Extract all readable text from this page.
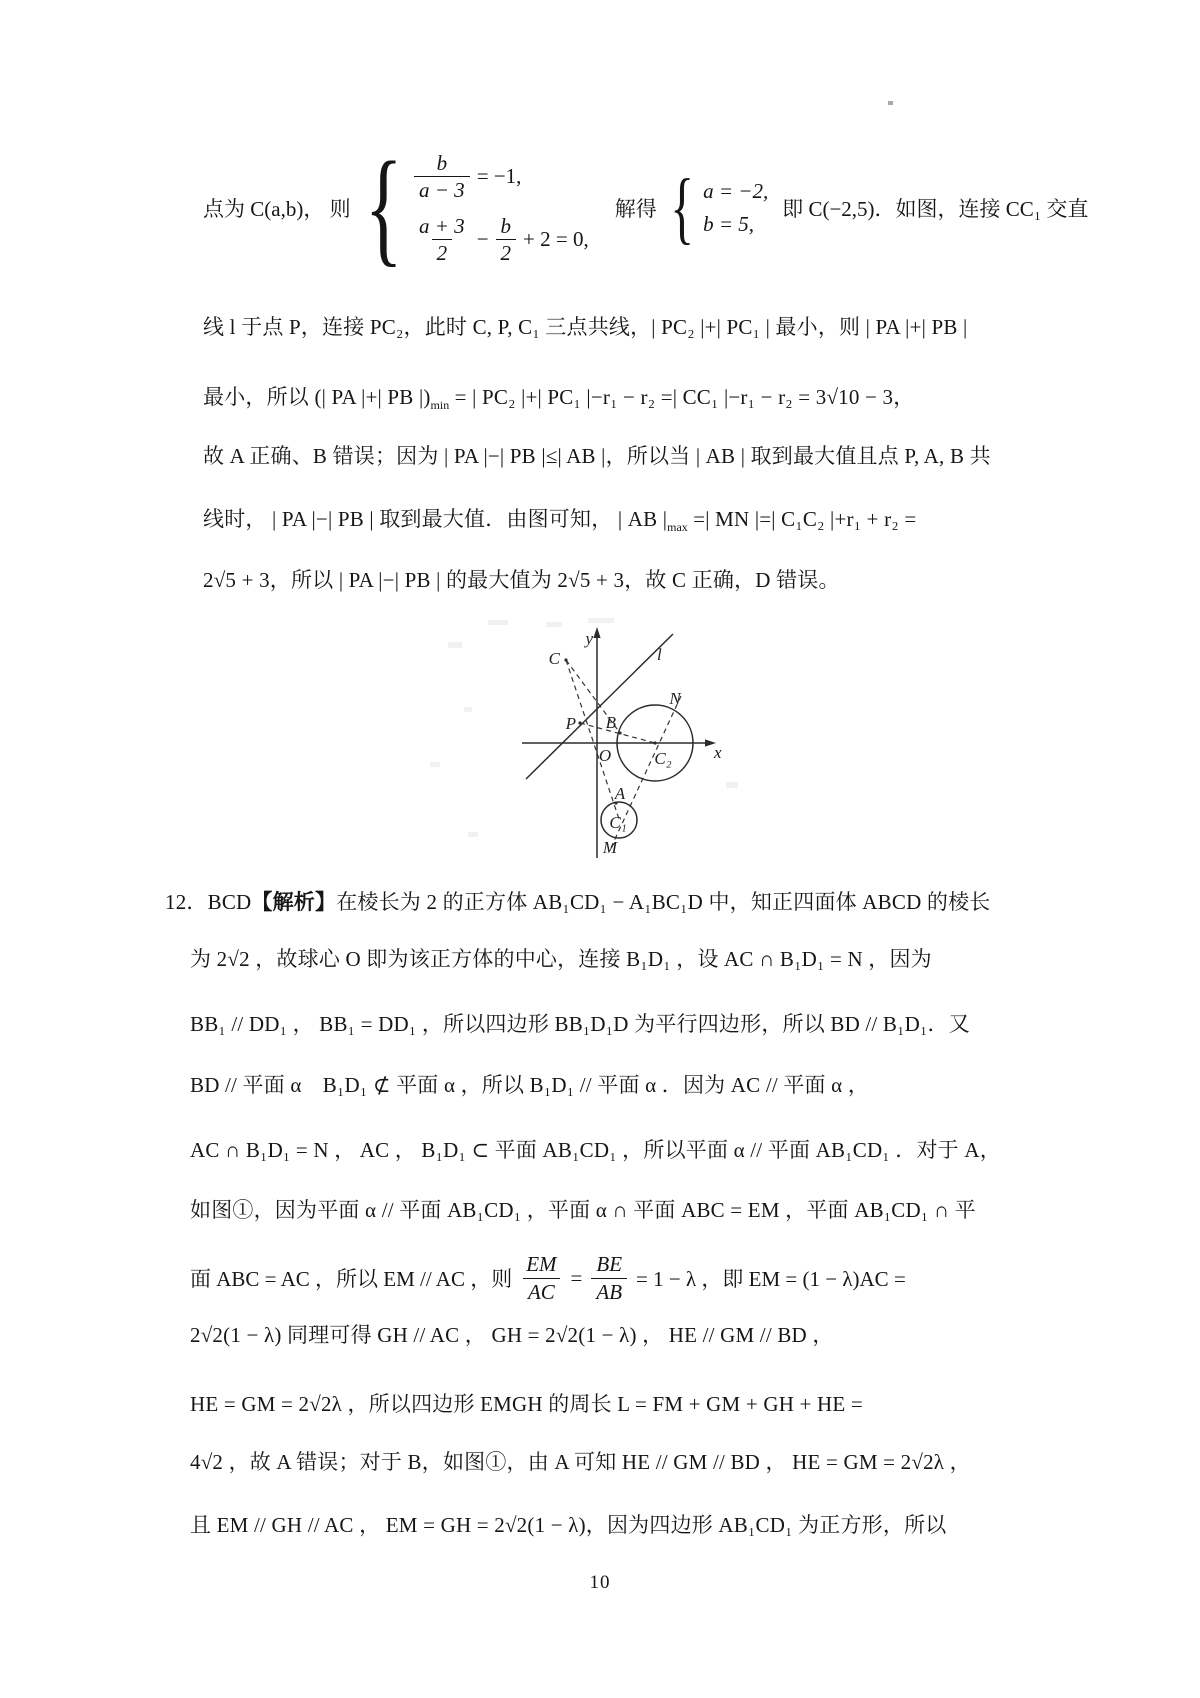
点为 C(a,b)， 则 { $\frac{b}{a - 3} = -1$,
$\frac{a + 3}{2} - \frac{b}{2} + 2 = 0$,
解得 { a = −2,
b = 5,
即 C(−2,5)．如图，连接 CC₁ 交直
线 l 于点 P，连接 PC₂，此时 C, P, C₁ 三点共线，| PC₂ |+| PC₁ | 最小，则 | PA |+| PB |
最小，所以 (| PA |+| PB $|)_{min}$ = | PC₂ |+| PC₁ |−r₁ − r₂ =| CC₁ |−r₁ − r₂ = 3√10 − 3，
故 A 正确、B 错误；因为 | PA |−| PB |≤| AB |，所以当 | AB | 取到最大值且点 P, A, B 共
线时， | PA |−| PB | 取到最大值．由图可知， | AB $|_{max}$ =| MN |=| C₁C₂ |+r₁ + r₂ =
2√5 + 3，所以 | PA |−| PB | 的最大值为 2√5 + 3，故 C 正确，D 错误。
y
x
l
C
P B
O
N
C₂
A
C₁
M
12．BCD【解析】在棱长为 2 的正方体 AB₁CD₁ − A₁BC₁D 中，知正四面体 ABCD 的棱长
为 2√2 ，故球心 O 即为该正方体的中心，连接 B₁D₁ ，设 AC ∩ B₁D₁ = N ，因为
BB₁ // DD₁ ， BB₁ = DD₁ ，所以四边形 BB₁D₁D 为平行四边形，所以 BD // B₁D₁．又
BD // 平面 α　B₁D₁ ⊄ 平面 α ，所以 B₁D₁ // 平面 α ．因为 AC // 平面 α ，
AC ∩ B₁D₁ = N ， AC ， B₁D₁ ⊂ 平面 AB₁CD₁ ，所以平面 α // 平面 AB₁CD₁ ．对于 A，
如图①，因为平面 α // 平面 AB₁CD₁ ，平面 α ∩ 平面 ABC = EM ，平面 AB₁CD₁ ∩ 平
面 ABC = AC ，所以 EM // AC ，则 $\frac{EM}{AC} = \frac{BE}{AB} = 1 - \lambda$ ，即 EM = (1 − λ)AC =
2√2(1 − λ) 同理可得 GH // AC ， GH = 2√2(1 − λ) ， HE // GM // BD ，
HE = GM = 2√2λ ，所以四边形 EMGH 的周长 L = FM + GM + GH + HE =
4√2 ，故 A 错误；对于 B，如图①，由 A 可知 HE // GM // BD ， HE = GM = 2√2λ ，
且 EM // GH // AC ， EM = GH = 2√2(1 − λ)，因为四边形 AB₁CD₁ 为正方形，所以
10
